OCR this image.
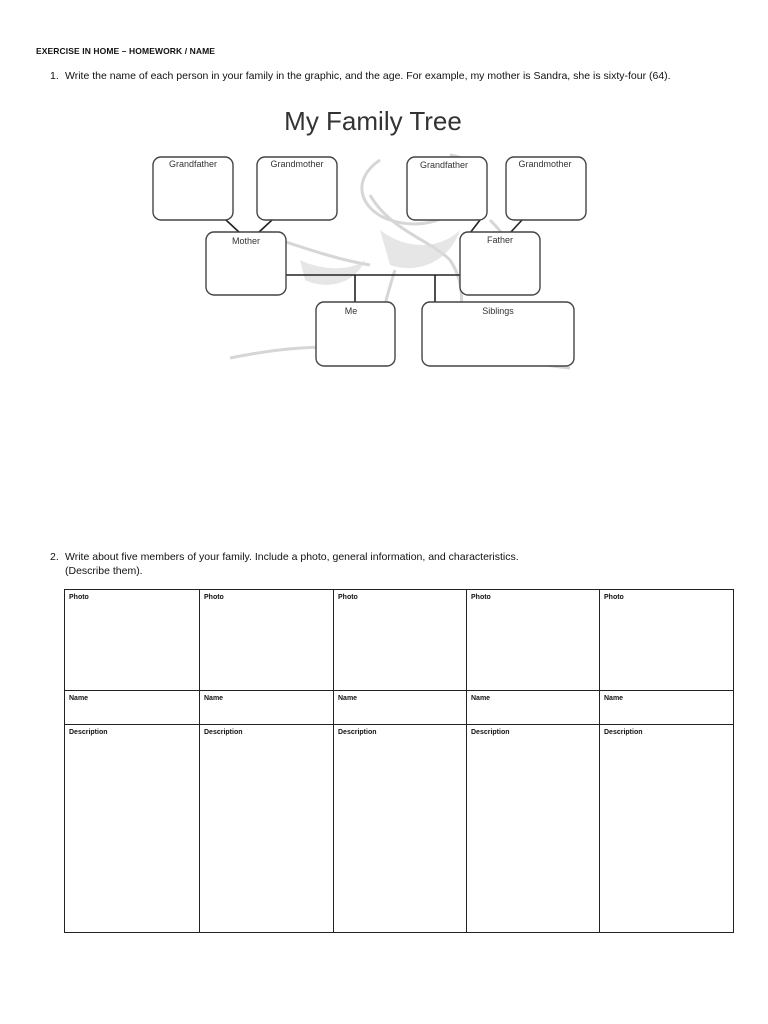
EXERCISE IN HOME – HOMEWORK / NAME
1. Write the name of each person in your family in the graphic, and the age. For example, my mother is Sandra, she is sixty-four (64).
My Family Tree
Grandfather	Grandmother	Grandfather	Grandmother
Mother	Father
Me	Siblings
2. Write about five members of your family. Include a photo, general information, and characteristics.
(Describe them).
Photo	Photo	Photo	Photo	Photo
Name	Name	Name	Name	Name
Description	Description	Description	Description	Description
